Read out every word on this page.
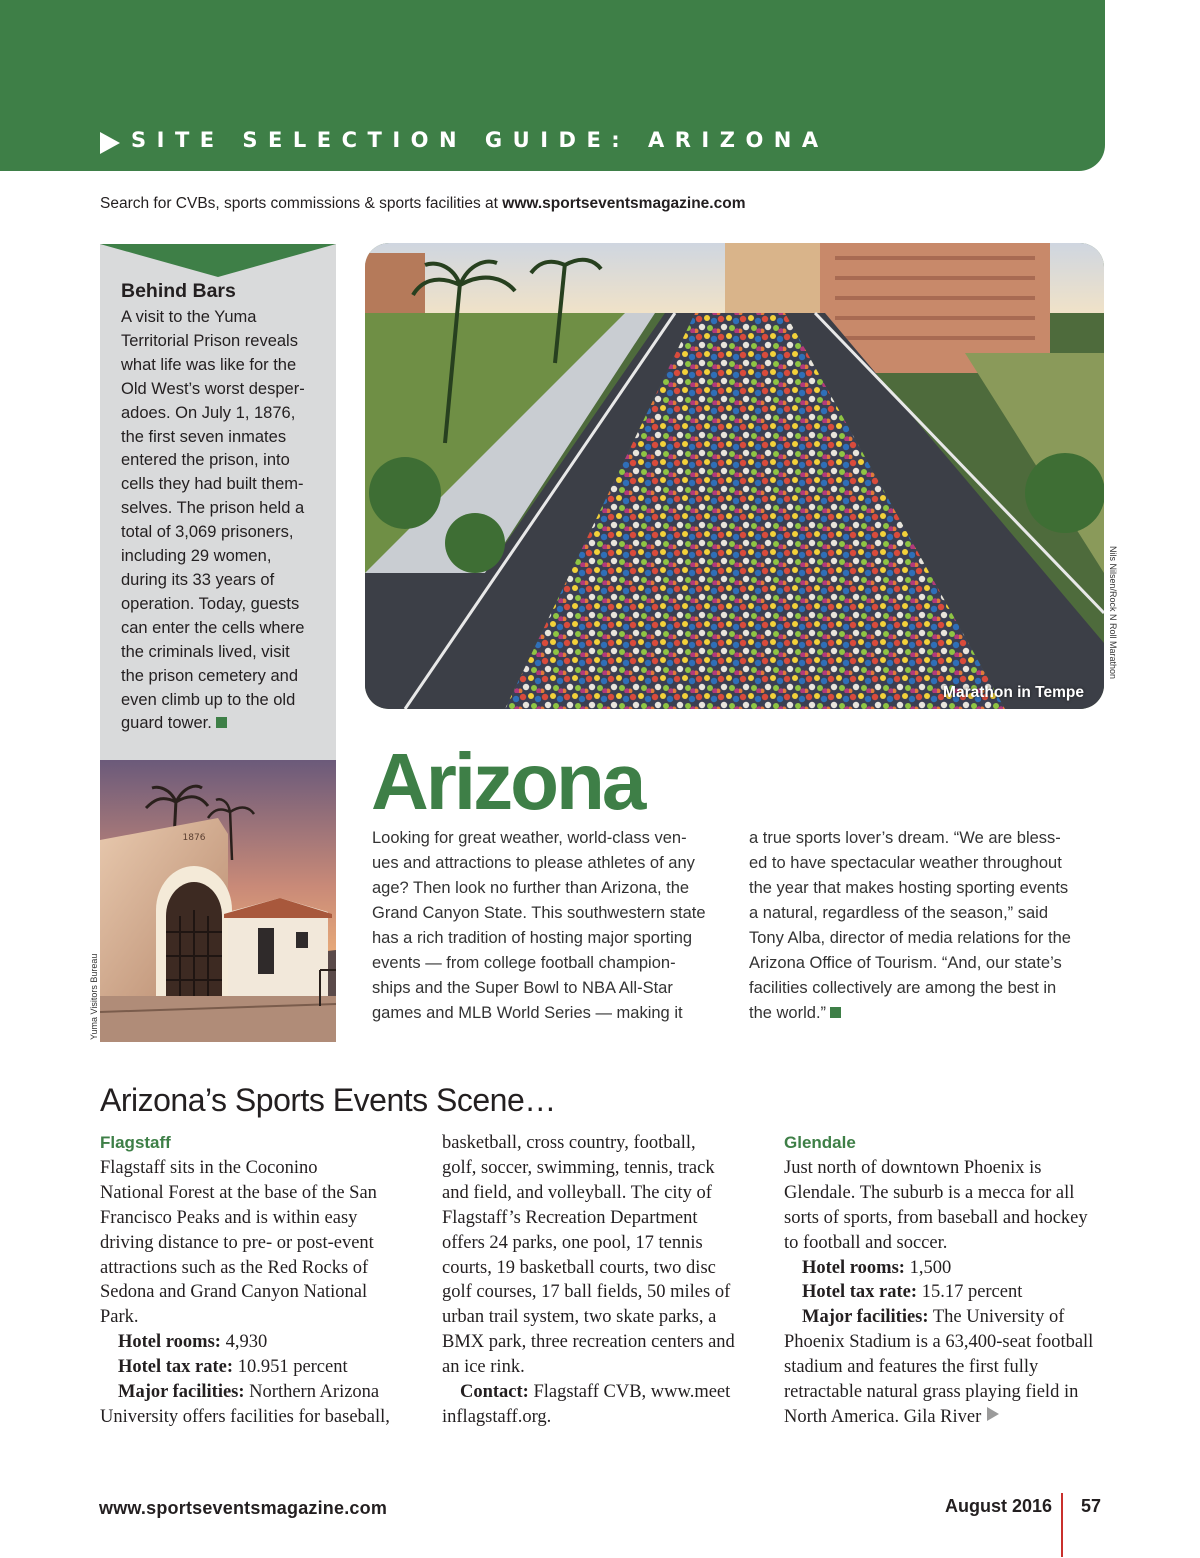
SITE SELECTION GUIDE: ARIZONA
Search for CVBs, sports commissions & sports facilities at www.sportseventsmagazine.com
Behind Bars
A visit to the Yuma
Territorial Prison reveals
what life was like for the
Old West’s worst desper-
adoes. On July 1, 1876,
the first seven inmates
entered the prison, into
cells they had built them-
selves. The prison held a
total of 3,069 prisoners,
including 29 women,
during its 33 years of
operation. Today, guests
can enter the cells where
the criminals lived, visit
the prison cemetery and
even climb up to the old
guard tower.
1876
Yuma Visitors Bureau
Marathon in Tempe
Nils Nilsen/Rock N Roll Marathon
Arizona
Looking for great weather, world-class ven-
ues and attractions to please athletes of any
age? Then look no further than Arizona, the
Grand Canyon State. This southwestern state
has a rich tradition of hosting major sporting
events — from college football champion-
ships and the Super Bowl to NBA All-Star
games and MLB World Series — making it
a true sports lover’s dream. “We are bless-
ed to have spectacular weather throughout
the year that makes hosting sporting events
a natural, regardless of the season,” said
Tony Alba, director of media relations for the
Arizona Office of Tourism. “And, our state’s
facilities collectively are among the best in
the world.”
Arizona’s Sports Events Scene…
Flagstaff
Flagstaff sits in the Coconino
National Forest at the base of the San
Francisco Peaks and is within easy
driving distance to pre- or post-event
attractions such as the Red Rocks of
Sedona and Grand Canyon National
Park.
Hotel rooms: 4,930
Hotel tax rate: 10.951 percent
Major facilities: Northern Arizona
University offers facilities for baseball,
basketball, cross country, football,
golf, soccer, swimming, tennis, track
and field, and volleyball. The city of
Flagstaff’s Recreation Department
offers 24 parks, one pool, 17 tennis
courts, 19 basketball courts, two disc
golf courses, 17 ball fields, 50 miles of
urban trail system, two skate parks, a
BMX park, three recreation centers and
an ice rink.
Contact: Flagstaff CVB, www.meet
inflagstaff.org.
Glendale
Just north of downtown Phoenix is
Glendale. The suburb is a mecca for all
sorts of sports, from baseball and hockey
to football and soccer.
Hotel rooms: 1,500
Hotel tax rate: 15.17 percent
Major facilities: The University of
Phoenix Stadium is a 63,400-seat football
stadium and features the first fully
retractable natural grass playing field in
North America. Gila River
www.sportseventsmagazine.com	August 2016 57
